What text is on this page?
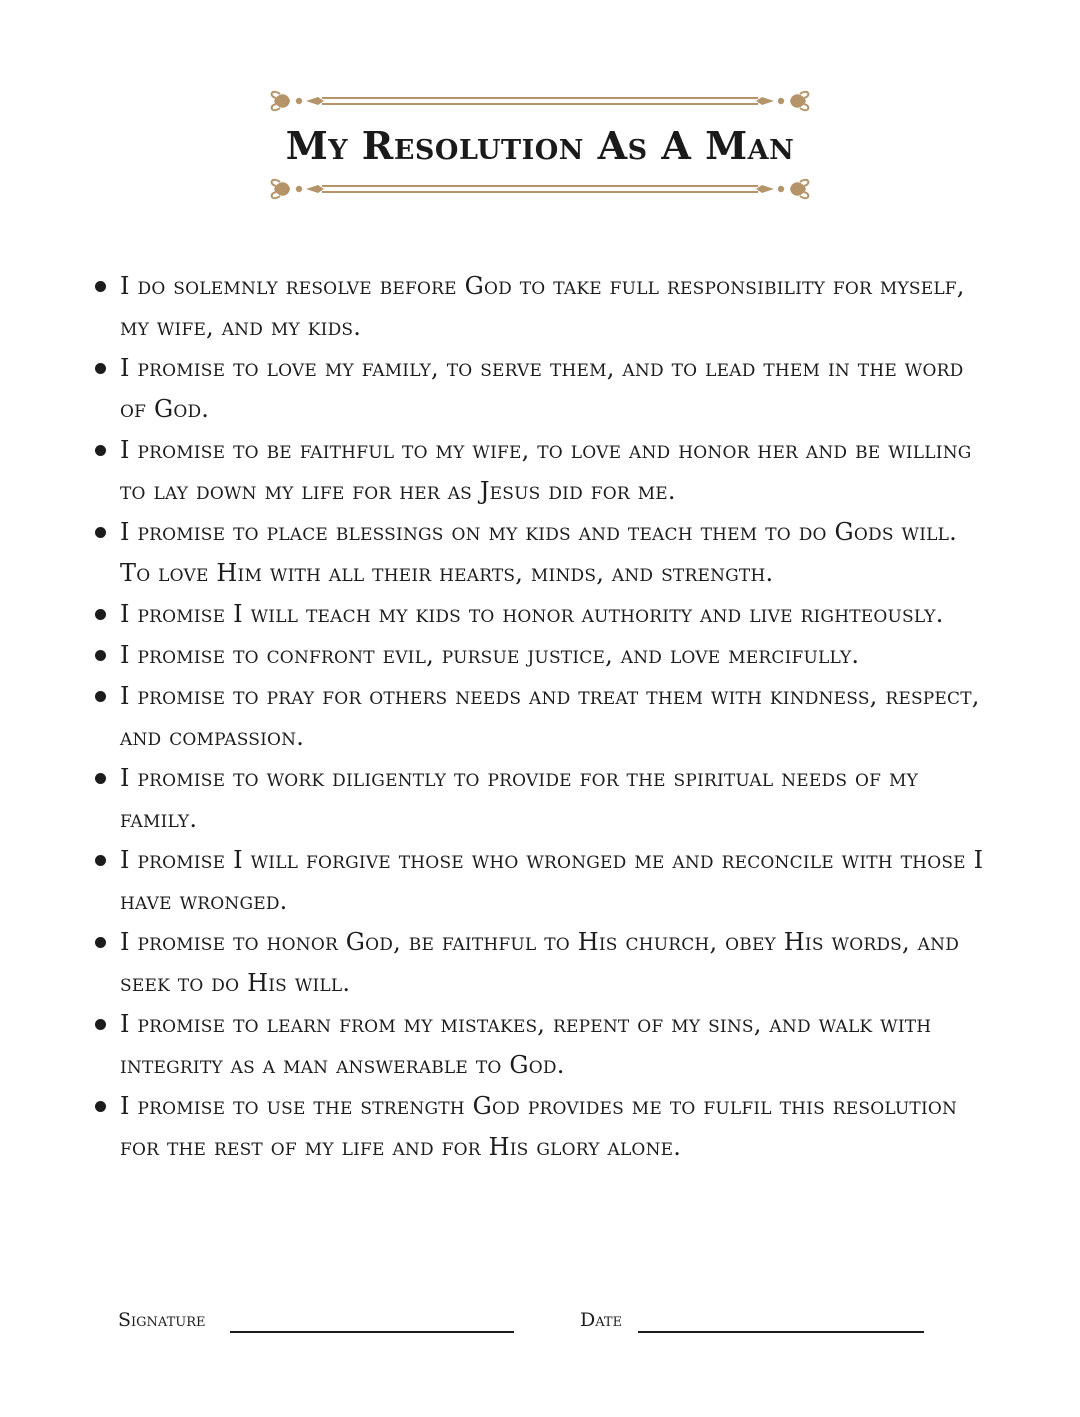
My Resolution As A Man
I do solemnly resolve before God to take full responsibility for myself, my wife, and my kids.
I promise to love my family, to serve them, and to lead them in the word of God.
I promise to be faithful to my wife, to love and honor her and be willing to lay down my life for her as Jesus did for me.
I promise to place blessings on my kids and teach them to do Gods will. To love Him with all their hearts, minds, and strength.
I promise I will teach my kids to honor authority and live righteously.
I promise to confront evil, pursue justice, and love mercifully.
I promise to pray for others needs and treat them with kindness, respect, and compassion.
I promise to work diligently to provide for the spiritual needs of my family.
I promise I will forgive those who wronged me and reconcile with those I have wronged.
I promise to honor God, be faithful to His church, obey His words, and seek to do His will.
I promise to learn from my mistakes, repent of my sins, and walk with integrity as a man answerable to God.
I promise to use the strength God provides me to fulfil this resolution for the rest of my life and for His glory alone.
Signature	Date
